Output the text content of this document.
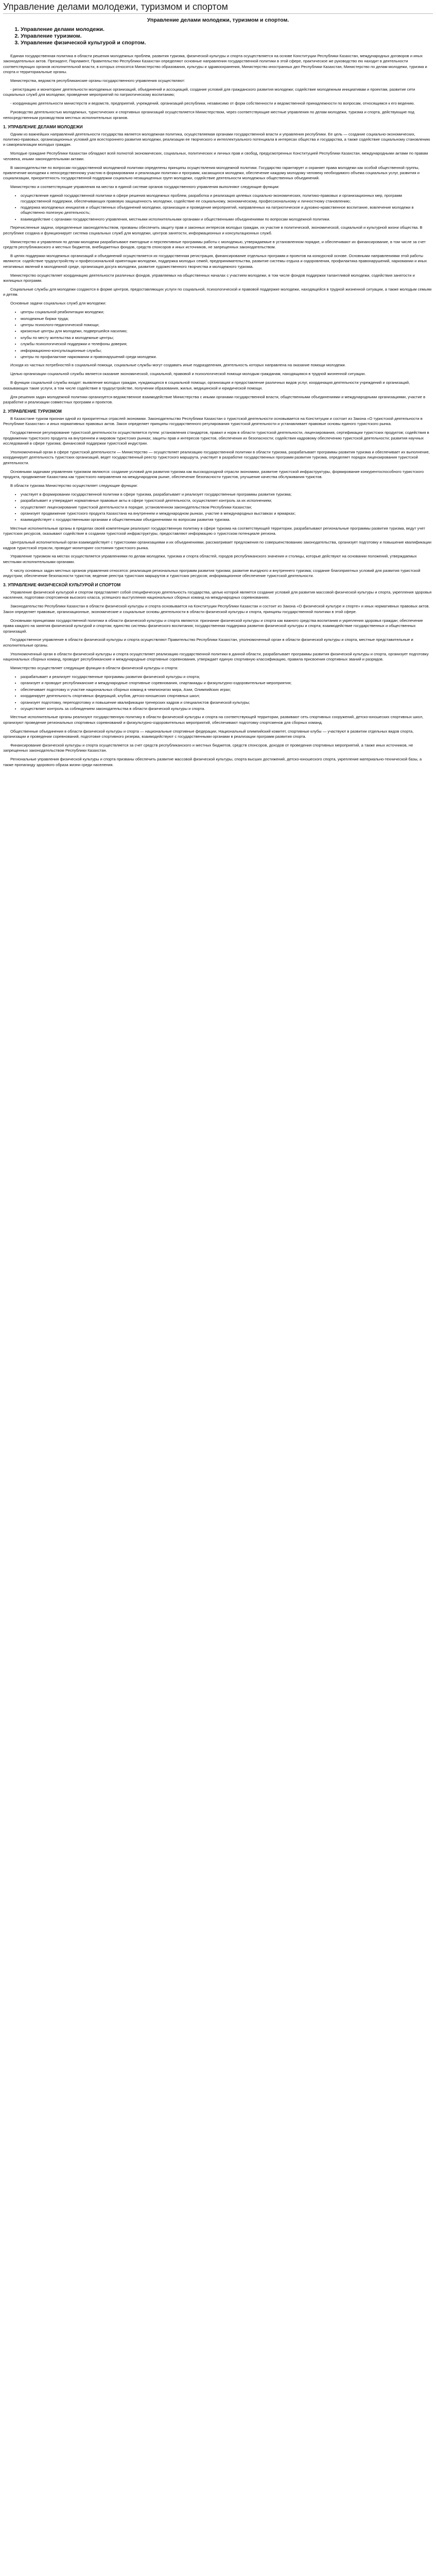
Управление делами молодежи, туризмом и спортом
Управление делами молодежи, туризмом и спортом.
1. Управление делами молодежи.
2. Управление туризмом.
3. Управление физической культурой и спортом.

Единая государственная политика в области решения молодежных проблем, развития туризма, физической культуры и спорта осуществляется на основе Конституции Республики Казахстан, международных договоров и иных законодательных актов. Президент, Парламент, Правительство Республики Казахстан определяют основные направления государственной политики в этой сфере, практическое же руководство ею находит в деятельности соответствующих органов исполнительной власти, в которых относятся Министерство образования, культуры и здравоохранения, Министерство иностранных дел Республики Казахстан, Министерство по делам молодежи, туризма и спорта и территориальные органы.

Министерства, ведомств республиканские органы государственного управления осуществляют:

- регистрацию и мониторинг деятельности молодежных организаций, объединений и ассоциаций, создание условий для гражданского развития молодежи; содействие молодежным инициативам и проектам, развитие сети социальных служб для молодежи; проведение мероприятий по патриотическому воспитанию;

- координацию деятельности министерств и ведомств, предприятий, учреждений, организаций республики, независимо от форм собственности и ведомственной принадлежности по вопросам, относящимся к его ведению.

Руководство деятельностью молодежных, туристических и спортивных организаций осуществляется Министерством, через соответствующие местные управления по делам молодежи, туризма и спорта, действующие под непосредственным руководством местных исполнительных органов.

1. УПРАВЛЕНИЕ ДЕЛАМИ МОЛОДЕЖИ

Одним из важнейших направлений деятельности государства является молодежная политика, осуществляемая органами государственной власти и управления республики. Ее цель — создание социально-экономических, политико-правовых, организационных условий для всестороннего развития молодежи, реализации ее творческого и интеллектуального потенциала в интересах общества и государства, а также содействие социальному становлению и самореализации молодых граждан.

Молодые граждане Республики Казахстан обладают всей полнотой экономических, социальных, политических и личных прав и свобод, предусмотренных Конституцией Республики Казахстан, международными актами по правам человека, иными законодательными актами.

В законодательстве по вопросам государственной молодежной политики определены принципы осуществления молодежной политики. Государство гарантирует и охраняет права молодежи как особой общественной группы, привлечение молодежи к непосредственному участию в формировании и реализации политики и программ, касающихся молодежи, обеспечение каждому молодому человеку необходимого объема социальных услуг, развития и социализации, приоритетность государственной поддержки социально незащищенных групп молодежи, содействие деятельности молодежных общественных объединений.

Министерство и соответствующие управления на местах в единой системе органов государственного управления выполняют следующие функции:

• осуществление единой государственной политики в сфере решения молодежных проблем, разработка и реализация целевых социально-экономических, политико-правовых и организационных мер, программ государственной поддержки, обеспечивающих правовую защищенность молодежи, содействие ее социальному, экономическому, профессиональному и личностному становлению;
• поддержка молодежных инициатив и общественных объединений молодежи, организация и проведение мероприятий, направленных на патриотическое и духовно-нравственное воспитание, вовлечение молодежи в общественно полезную деятельность;
• взаимодействие с органами государственного управления, местными исполнительными органами и общественными объединениями по вопросам молодежной политики.

Перечисленные задачи, определенные законодательством, призваны обеспечить защиту прав и законных интересов молодых граждан, их участие в политической, экономической, социальной и культурной жизни общества. В республике создана и функционирует система социальных служб для молодежи, центров занятости, информационных и консультационных служб.

Министерство и управления по делам молодежи разрабатывают ежегодные и перспективные программы работы с молодежью, утверждаемые в установленном порядке, и обеспечивают их финансирование, в том числе за счет средств республиканского и местных бюджетов, внебюджетных фондов, средств спонсоров и иных источников, не запрещенных законодательством.

В целях поддержки молодежных организаций и объединений осуществляется их государственная регистрация, финансирование отдельных программ и проектов на конкурсной основе. Основными направлениями этой работы являются: содействие трудоустройству и профессиональной ориентации молодежи, поддержка молодых семей, предпринимательства, развитие системы отдыха и оздоровления, профилактика правонарушений, наркомании и иных негативных явлений в молодежной среде, организация досуга молодежи, развитие художественного творчества и молодежного туризма.

Министерство осуществляет координацию деятельности различных фондов, управляемых на общественных началах с участием молодежи, в том числе фондов поддержки талантливой молодежи, содействия занятости и жилищных программ.

Социальные службы для молодежи создаются в форме центров, предоставляющих услуги по социальной, психологической и правовой поддержке молодежи, находящейся в трудной жизненной ситуации, а также молодым семьям и детям.

Основные задачи социальных служб для молодежи:

• центры социальной реабилитации молодежи;
• молодежные биржи труда;
• центры психолого-педагогической помощи;
• кризисные центры для молодежи, подвергшейся насилию;
• клубы по месту жительства и молодежные центры;
• службы психологической поддержки и телефоны доверия;
• информационно-консультационные службы;
• центры по профилактике наркомании и правонарушений среди молодежи.

Исходя из частных потребностей в социальной помощи, социальные службы могут создавать иные подразделения, деятельность которых направлена на оказание помощи молодежи.

Целью организации социальной службы является оказание экономической, социальной, правовой и психологической помощи молодым гражданам, находящимся в трудной жизненной ситуации.

В функции социальной службы входят: выявление молодых граждан, нуждающихся в социальной помощи, организация и предоставление различных видов услуг, координация деятельности учреждений и организаций, оказывающих такие услуги, в том числе содействие в трудоустройстве, получении образования, жилья, медицинской и юридической помощи.

Для решения задач молодежной политики организуется ведомственное взаимодействие Министерства с иными органами государственной власти, общественными объединениями и международными организациями, участие в разработке и реализации совместных программ и проектов.

2. УПРАВЛЕНИЕ ТУРИЗМОМ

В Казахстане туризм признан одной из приоритетных отраслей экономики. Законодательство Республики Казахстан о туристской деятельности основывается на Конституции и состоит из Закона «О туристской деятельности в Республике Казахстан» и иных нормативных правовых актов. Закон определяет принципы государственного регулирования туристской деятельности и устанавливает правовые основы единого туристского рынка.

Государственное регулирование туристской деятельности осуществляется путем: установления стандартов, правил и норм в области туристской деятельности, лицензирования, сертификации туристских продуктов; содействия в продвижении туристского продукта на внутреннем и мировом туристских рынках; защиты прав и интересов туристов, обеспечения их безопасности; содействия кадровому обеспечению туристской деятельности; развития научных исследований в сфере туризма; финансовой поддержки туристской индустрии.

Уполномоченный орган в сфере туристской деятельности — Министерство — осуществляет реализацию государственной политики в области туризма, разрабатывает программы развития туризма и обеспечивает их выполнение, координирует деятельность туристских организаций, ведет государственный реестр туристского маршрута, участвует в разработке государственных программ развития туризма, определяет порядок лицензирования туристской деятельности.

Основными задачами управления туризмом являются: создание условий для развития туризма как высокодоходной отрасли экономики, развитие туристской инфраструктуры, формирование конкурентоспособного туристского продукта, продвижение Казахстана как туристского направления на международном рынке, обеспечение безопасности туристов, улучшение качества обслуживания туристов.

В области туризма Министерство осуществляет следующие функции:

• участвует в формировании государственной политики в сфере туризма, разрабатывает и реализует государственные программы развития туризма;
• разрабатывает и утверждает нормативные правовые акты в сфере туристской деятельности, осуществляет контроль за их исполнением;
• осуществляет лицензирование туристской деятельности в порядке, установленном законодательством Республики Казахстан;
• организует продвижение туристского продукта Казахстана на внутреннем и международном рынках, участие в международных выставках и ярмарках;
• взаимодействует с государственными органами и общественными объединениями по вопросам развития туризма.

Местные исполнительные органы в пределах своей компетенции реализуют государственную политику в сфере туризма на соответствующей территории, разрабатывают региональные программы развития туризма, ведут учет туристских ресурсов, оказывают содействие в создании туристской инфраструктуры, предоставляют информацию о туристском потенциале региона.

Центральный исполнительный орган взаимодействует с туристскими организациями и их объединениями, рассматривает предложения по совершенствованию законодательства, организует подготовку и повышение квалификации кадров туристской отрасли, проводит мониторинг состояния туристского рынка.

Управление туризмом на местах осуществляется управлениями по делам молодежи, туризма и спорта областей, городов республиканского значения и столицы, которые действуют на основании положений, утверждаемых местными исполнительными органами.

К числу основных задач местных органов управления относятся: реализация региональных программ развития туризма; развитие въездного и внутреннего туризма; создание благоприятных условий для развития туристской индустрии; обеспечение безопасности туристов; ведение реестра туристских маршрутов и туристских ресурсов; информационное обеспечение туристской деятельности.

3. УПРАВЛЕНИЕ ФИЗИЧЕСКОЙ КУЛЬТУРОЙ И СПОРТОМ

Управление физической культурой и спортом представляет собой специфическую деятельность государства, целью которой является создание условий для развития массовой физической культуры и спорта, укрепления здоровья населения, подготовки спортсменов высокого класса, успешного выступления национальных сборных команд на международных соревнованиях.

Законодательство Республики Казахстан в области физической культуры и спорта основывается на Конституции Республики Казахстан и состоит из Закона «О физической культуре и спорте» и иных нормативных правовых актов. Закон определяет правовые, организационные, экономические и социальные основы деятельности в области физической культуры и спорта, принципы государственной политики в этой сфере.

Основными принципами государственной политики в области физической культуры и спорта являются: признание физической культуры и спорта как важного средства воспитания и укрепления здоровья граждан; обеспечение права каждого на занятия физической культурой и спортом; единство системы физического воспитания; государственная поддержка развития физической культуры и спорта; взаимодействие государственных и общественных организаций.

Государственное управление в области физической культуры и спорта осуществляют Правительство Республики Казахстан, уполномоченный орган в области физической культуры и спорта, местные представительные и исполнительные органы.

Уполномоченный орган в области физической культуры и спорта осуществляет реализацию государственной политики в данной области, разрабатывает программы развития физической культуры и спорта, организует подготовку национальных сборных команд, проводит республиканские и международные спортивные соревнования, утверждает единую спортивную классификацию, правила присвоения спортивных званий и разрядов.

Министерство осуществляет следующие функции в области физической культуры и спорта:

• разрабатывает и реализует государственные программы развития физической культуры и спорта;
• организует и проводит республиканские и международные спортивные соревнования, спартакиады и физкультурно-оздоровительные мероприятия;
• обеспечивает подготовку и участие национальных сборных команд в чемпионатах мира, Азии, Олимпийских играх;
• координирует деятельность спортивных федераций, клубов, детско-юношеских спортивных школ;
• организует подготовку, переподготовку и повышение квалификации тренерских кадров и специалистов физической культуры;
• осуществляет контроль за соблюдением законодательства в области физической культуры и спорта.

Местные исполнительные органы реализуют государственную политику в области физической культуры и спорта на соответствующей территории, развивают сеть спортивных сооружений, детско-юношеских спортивных школ, организуют проведение региональных спортивных соревнований и физкультурно-оздоровительных мероприятий, обеспечивают подготовку спортсменов для сборных команд.

Общественные объединения в области физической культуры и спорта — национальные спортивные федерации, Национальный олимпийский комитет, спортивные клубы — участвуют в развитии отдельных видов спорта, организации и проведении соревнований, подготовке спортивного резерва, взаимодействуют с государственными органами в реализации программ развития спорта.

Финансирование физической культуры и спорта осуществляется за счет средств республиканского и местных бюджетов, средств спонсоров, доходов от проведения спортивных мероприятий, а также иных источников, не запрещенных законодательством Республики Казахстан.

Региональные управления физической культуры и спорта призваны обеспечить развитие массовой физической культуры, спорта высших достижений, детско-юношеского спорта, укрепление материально-технической базы, а также пропаганду здорового образа жизни среди населения.
